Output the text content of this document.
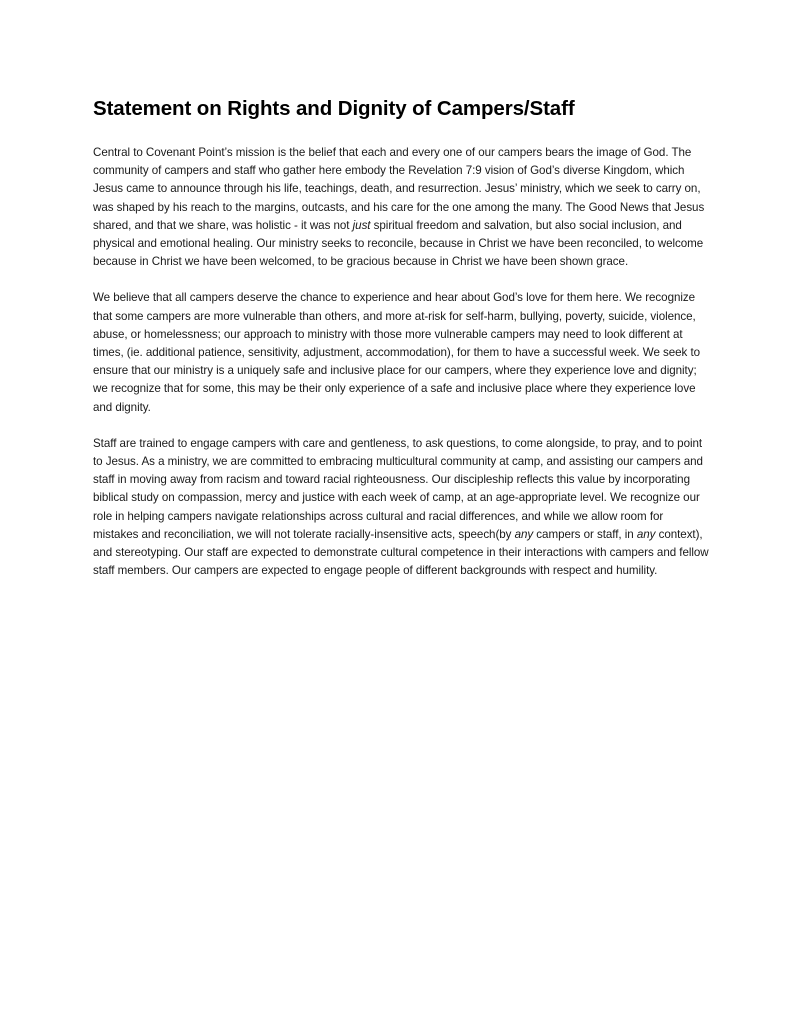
Statement on Rights and Dignity of Campers/Staff

Central to Covenant Point’s mission is the belief that each and every one of our campers bears the image of God. The community of campers and staff who gather here embody the Revelation 7:9 vision of God’s diverse Kingdom, which Jesus came to announce through his life, teachings, death, and resurrection. Jesus’ ministry, which we seek to carry on, was shaped by his reach to the margins, outcasts, and his care for the one among the many. The Good News that Jesus shared, and that we share, was holistic - it was not just spiritual freedom and salvation, but also social inclusion, and physical and emotional healing. Our ministry seeks to reconcile, because in Christ we have been reconciled, to welcome because in Christ we have been welcomed, to be gracious because in Christ we have been shown grace.

We believe that all campers deserve the chance to experience and hear about God’s love for them here. We recognize that some campers are more vulnerable than others, and more at-risk for self-harm, bullying, poverty, suicide, violence, abuse, or homelessness; our approach to ministry with those more vulnerable campers may need to look different at times, (ie. additional patience, sensitivity, adjustment, accommodation), for them to have a successful week. We seek to ensure that our ministry is a uniquely safe and inclusive place for our campers, where they experience love and dignity; we recognize that for some, this may be their only experience of a safe and inclusive place where they experience love and dignity.

Staff are trained to engage campers with care and gentleness, to ask questions, to come alongside, to pray, and to point to Jesus. As a ministry, we are committed to embracing multicultural community at camp, and assisting our campers and staff in moving away from racism and toward racial righteousness. Our discipleship reflects this value by incorporating biblical study on compassion, mercy and justice with each week of camp, at an age-appropriate level. We recognize our role in helping campers navigate relationships across cultural and racial differences, and while we allow room for mistakes and reconciliation, we will not tolerate racially-insensitive acts, speech(by any campers or staff, in any context), and stereotyping. Our staff are expected to demonstrate cultural competence in their interactions with campers and fellow staff members. Our campers are expected to engage people of different backgrounds with respect and humility.
